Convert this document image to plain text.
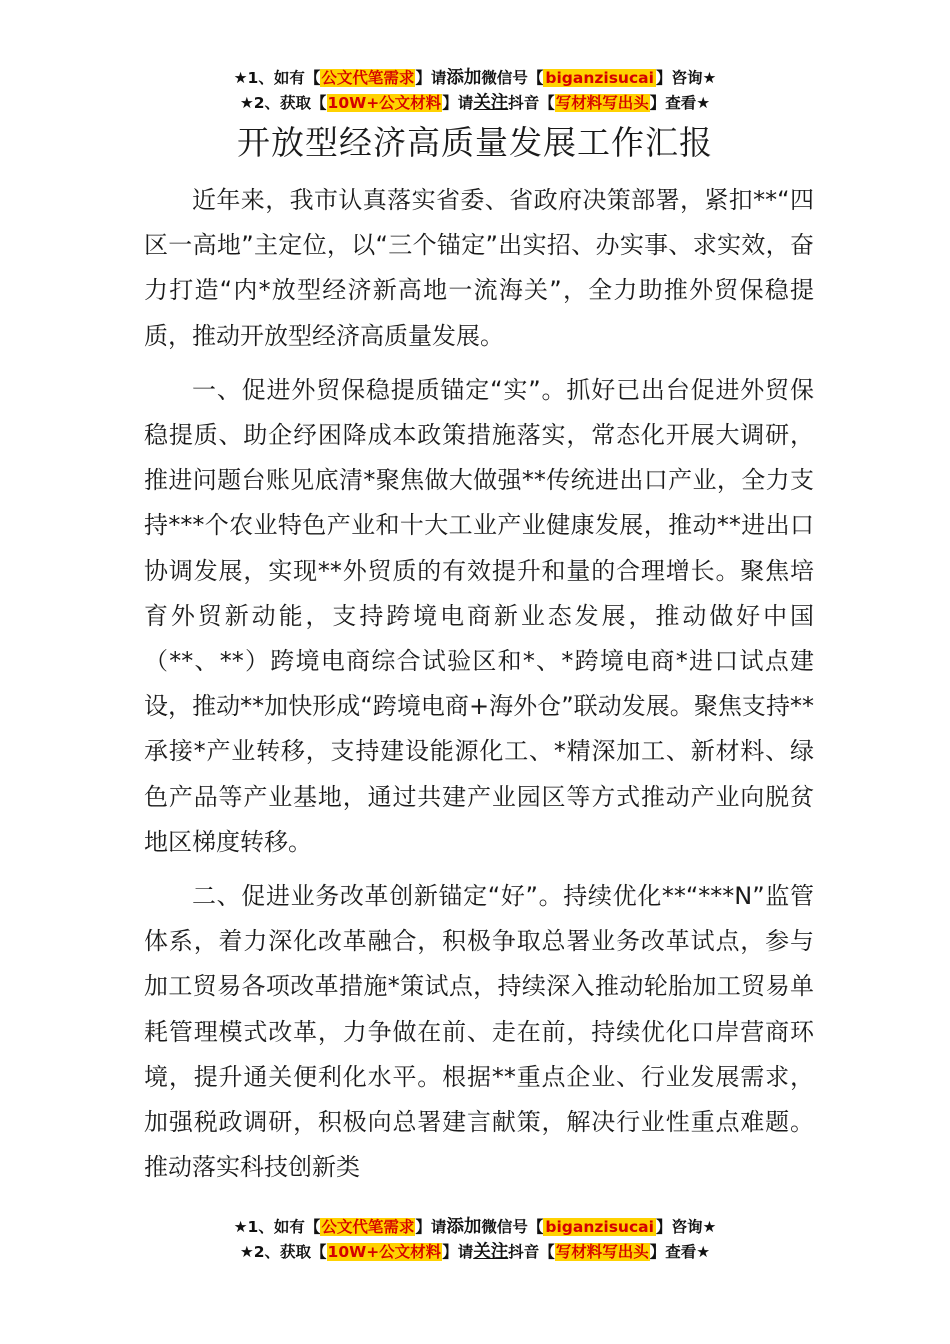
★1、如有【公文代笔需求】请添加微信号【 biganzisucai 】咨询★
★2、获取【10W+公文材料】请关注抖音【写材料写出头】查看★
开放型经济高质量发展工作汇报

近年来，我市认真落实省委、省政府决策部署，紧扣**“四区一高地”主定位，以“三个锚定”出实招、办实事、求实效，奋力打造“内*放型经济新高地一流海关”，全力助推外贸保稳提质，推动开放型经济高质量发展。

一、促进外贸保稳提质锚定“实”。抓好已出台促进外贸保稳提质、助企纾困降成本政策措施落实，常态化开展大调研，推进问题台账见底清*聚焦做大做强**传统进出口产业，全力支持***个农业特色产业和十大工业产业健康发展，推动**进出口协调发展，实现**外贸质的有效提升和量的合理增长。聚焦培育外贸新动能，支持跨境电商新业态发展，推动做好中国（**、**）跨境电商综合试验区和*、*跨境电商*进口试点建设，推动**加快形成“跨境电商+海外仓”联动发展。聚焦支持**承接*产业转移，支持建设能源化工、*精深加工、新材料、绿色产品等产业基地，通过共建产业园区等方式推动产业向脱贫地区梯度转移。

二、促进业务改革创新锚定“好”。持续优化**“***N”监管体系，着力深化改革融合，积极争取总署业务改革试点，参与加工贸易各项改革措施*策试点，持续深入推动轮胎加工贸易单耗管理模式改革，力争做在前、走在前，持续优化口岸营商环境，提升通关便利化水平。根据**重点企业、行业发展需求，加强税政调研，积极向总署建言献策，解决行业性重点难题。推动落实科技创新类

★1、如有【公文代笔需求】请添加微信号【 biganzisucai 】咨询★
★2、获取【10W+公文材料】请关注抖音【写材料写出头】查看★
